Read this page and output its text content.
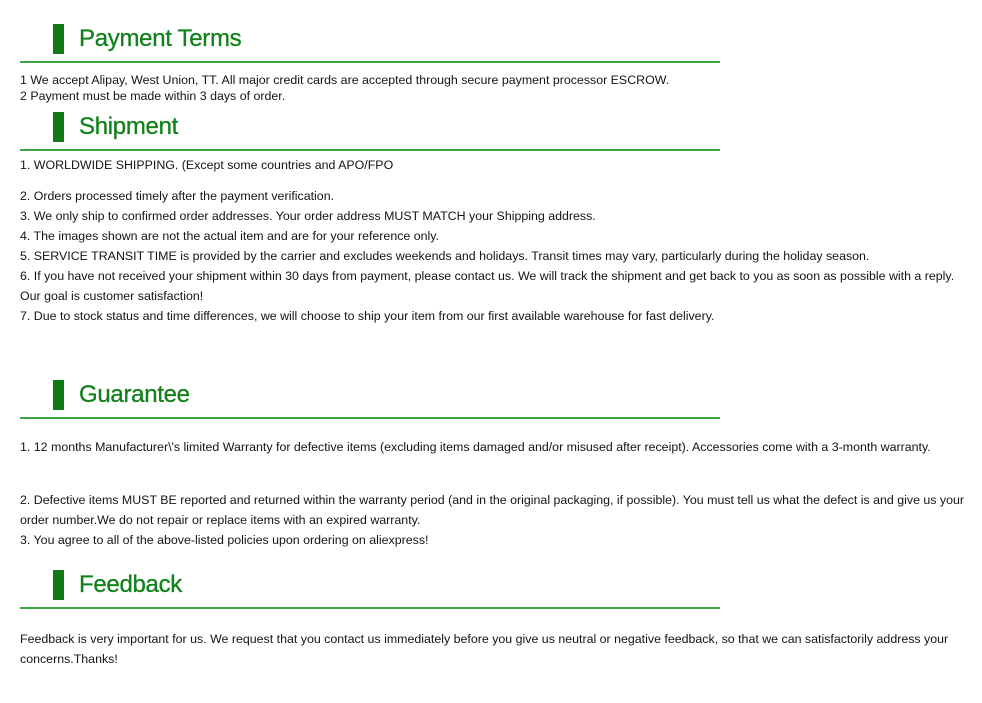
Payment Terms

1 We accept Alipay, West Union, TT. All major credit cards are accepted through secure payment processor ESCROW.

2 Payment must be made within 3 days of order.

Shipment
1. WORLDWIDE SHIPPING. (Except some countries and APO/FPO

2. Orders processed timely after the payment verification.

3. We only ship to confirmed order addresses. Your order address MUST MATCH your Shipping address.

4. The images shown are not the actual item and are for your reference only.

5. SERVICE TRANSIT TIME is provided by the carrier and excludes weekends and holidays. Transit times may vary, particularly during the holiday season.

6. If you have not received your shipment within 30 days from payment, please contact us. We will track the shipment and get back to you as soon as possible with a reply. Our goal is customer satisfaction!

7. Due to stock status and time differences, we will choose to ship your item from our first available warehouse for fast delivery.

Guarantee
1. 12 months Manufacturer\'s limited Warranty for defective items (excluding items damaged and/or misused after receipt). Accessories come with a 3-month warranty.
2. Defective items MUST BE reported and returned within the warranty period (and in the original packaging, if possible). You must tell us what the defect is and give us your order number.We do not repair or replace items with an expired warranty.
3. You agree to all of the above-listed policies upon ordering on aliexpress!
Feedback
Feedback is very important for us. We request that you contact us immediately before you give us neutral or negative feedback, so that we can satisfactorily address your concerns.Thanks!
